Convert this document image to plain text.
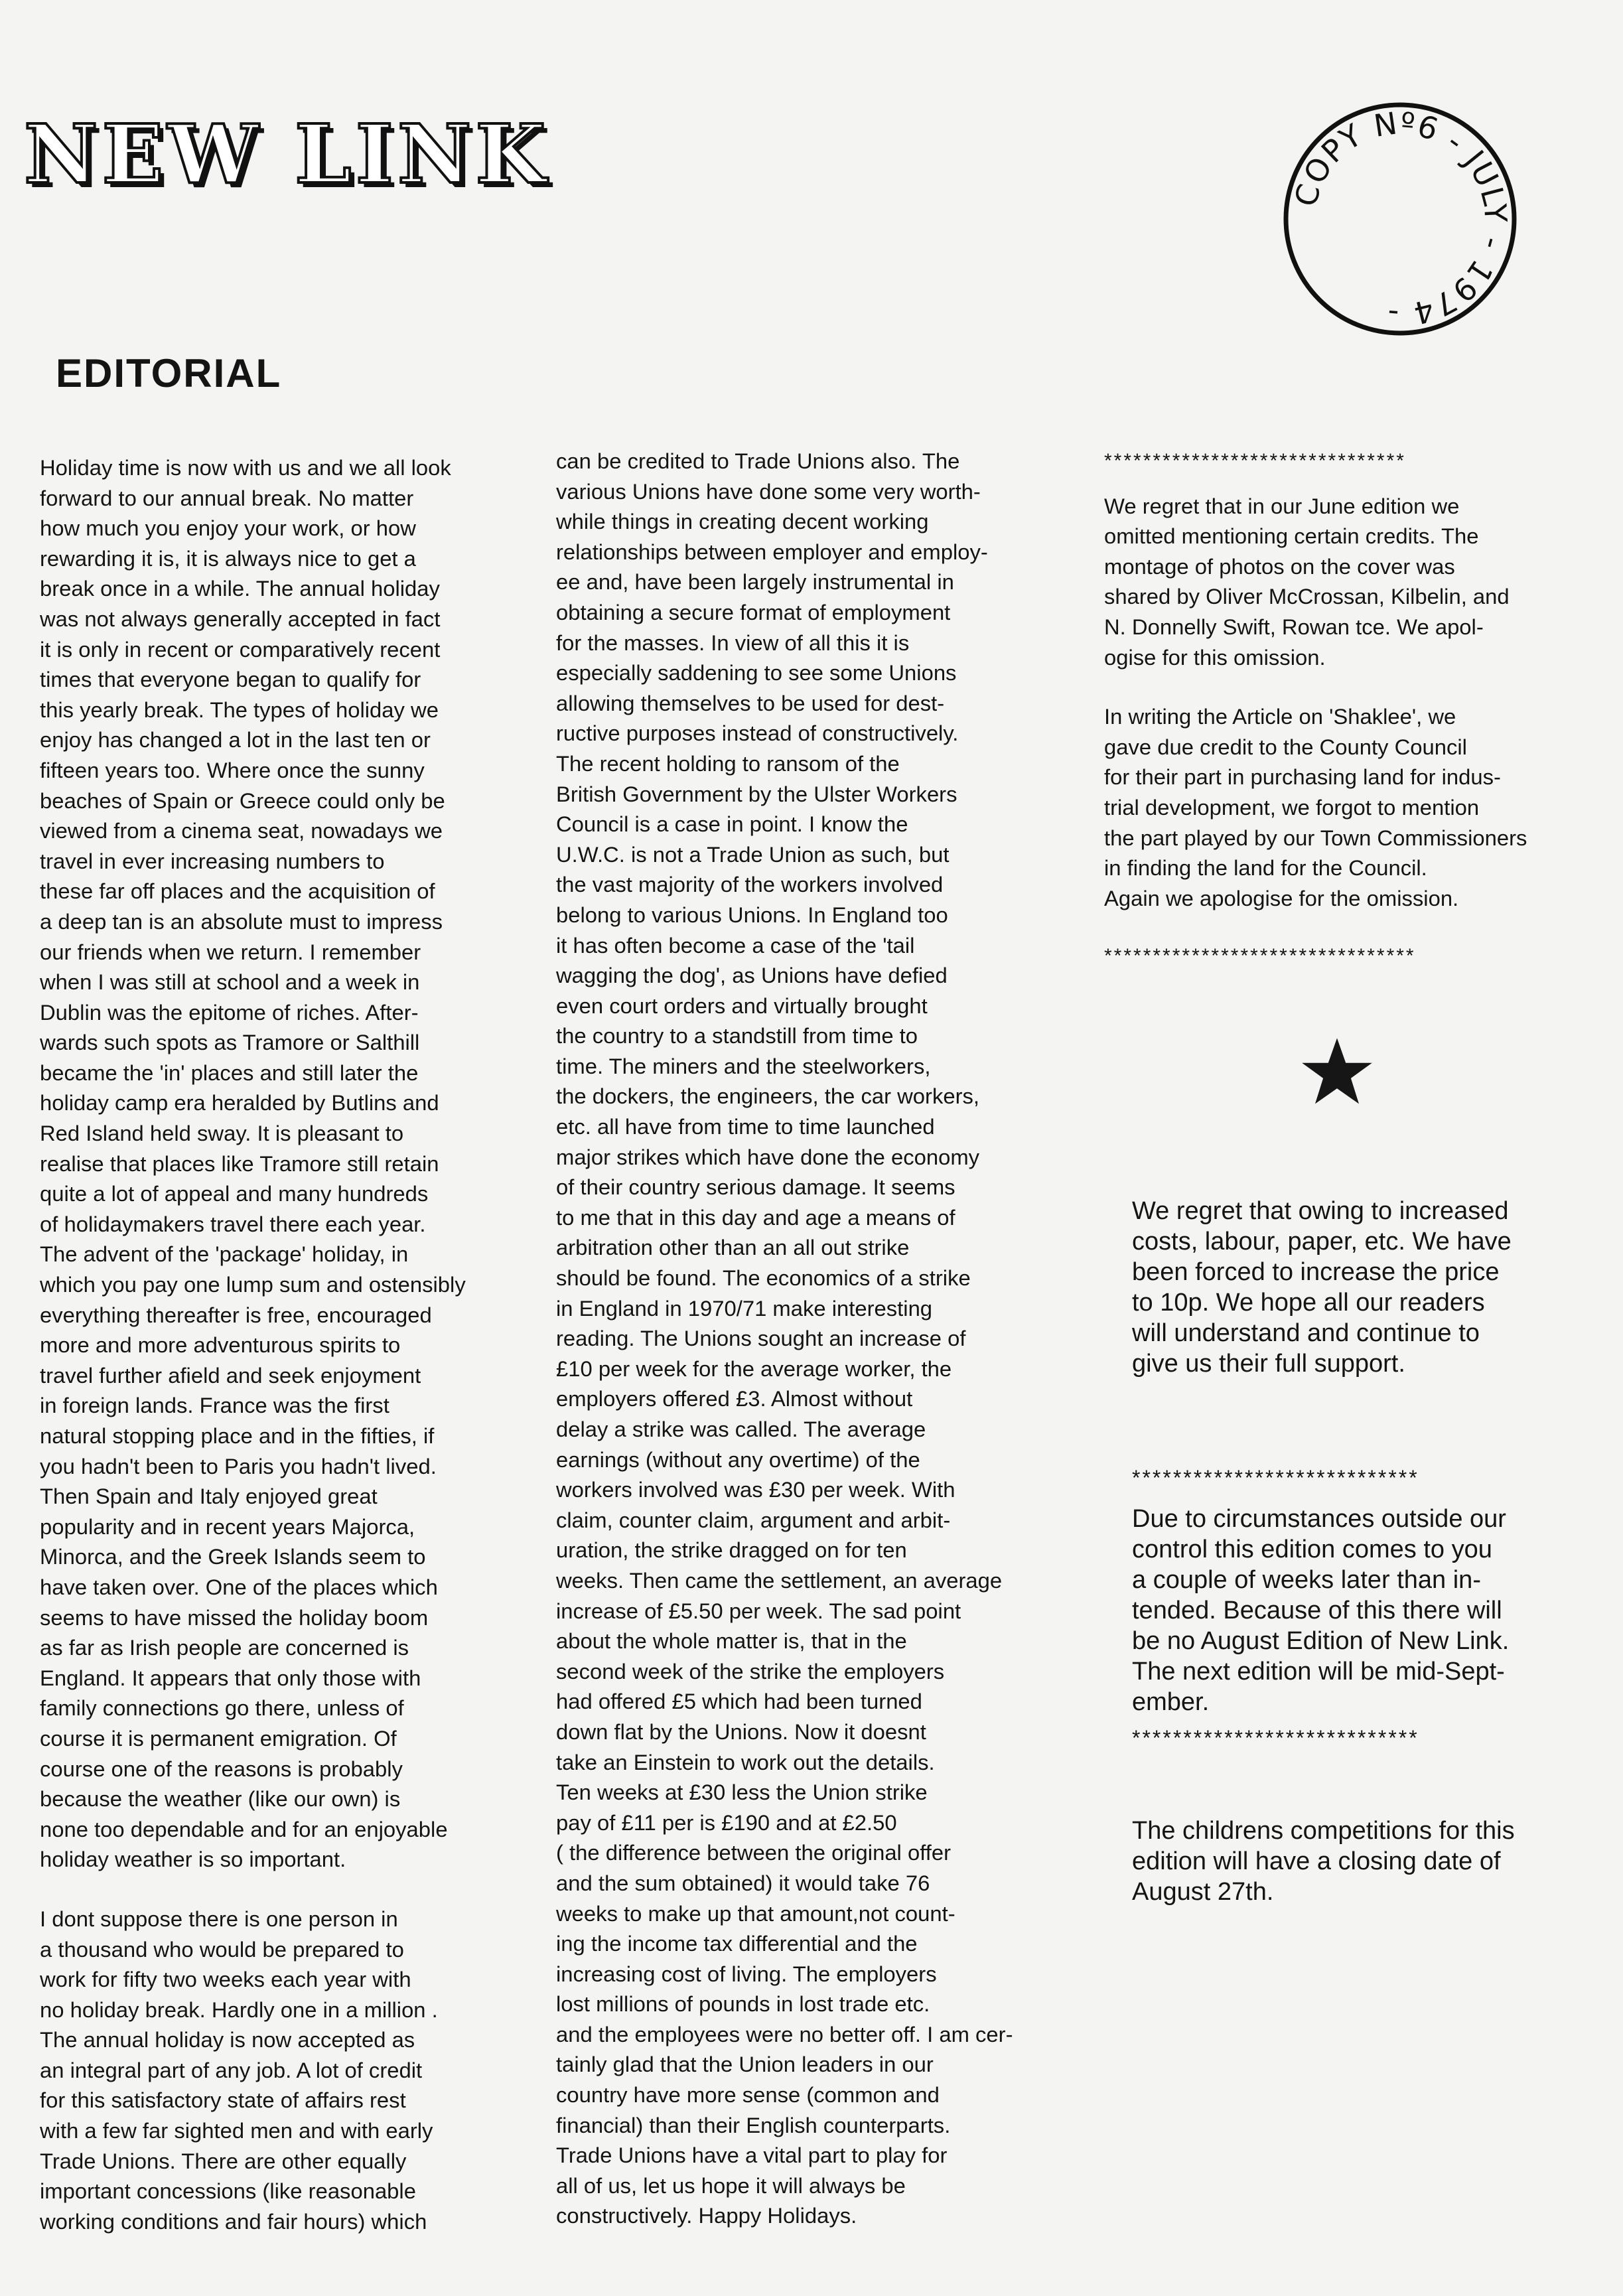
NEW LINK	COPY Nº6 - JULY - 1974 -
EDITORIAL
Holiday time is now with us and we all look
forward to our annual break. No matter
how much you enjoy your work, or how
rewarding it is, it is always nice to get a
break once in a while. The annual holiday
was not always generally accepted in fact
it is only in recent or comparatively recent
times that everyone began to qualify for
this yearly break. The types of holiday we
enjoy has changed a lot in the last ten or
fifteen years too. Where once the sunny
beaches of Spain or Greece could only be
viewed from a cinema seat, nowadays we
travel in ever increasing numbers to
these far off places and the acquisition of
a deep tan is an absolute must to impress
our friends when we return. I remember
when I was still at school and a week in
Dublin was the epitome of riches. After-
wards such spots as Tramore or Salthill
became the 'in' places and still later the
holiday camp era heralded by Butlins and
Red Island held sway. It is pleasant to
realise that places like Tramore still retain
quite a lot of appeal and many hundreds
of holidaymakers travel there each year.
The advent of the 'package' holiday, in
which you pay one lump sum and ostensibly
everything thereafter is free, encouraged
more and more adventurous spirits to
travel further afield and seek enjoyment
in foreign lands. France was the first
natural stopping place and in the fifties, if
you hadn't been to Paris you hadn't lived.
Then Spain and Italy enjoyed great
popularity and in recent years Majorca,
Minorca, and the Greek Islands seem to
have taken over. One of the places which
seems to have missed the holiday boom
as far as Irish people are concerned is
England. It appears that only those with
family connections go there, unless of
course it is permanent emigration. Of
course one of the reasons is probably
because the weather (like our own) is
none too dependable and for an enjoyable
holiday weather is so important.
I dont suppose there is one person in
a thousand who would be prepared to
work for fifty two weeks each year with
no holiday break. Hardly one in a million .
The annual holiday is now accepted as
an integral part of any job. A lot of credit
for this satisfactory state of affairs rest
with a few far sighted men and with early
Trade Unions. There are other equally
important concessions (like reasonable
working conditions and fair hours) which
can be credited to Trade Unions also. The
various Unions have done some very worth-
while things in creating decent working
relationships between employer and employ-
ee and, have been largely instrumental in
obtaining a secure format of employment
for the masses. In view of all this it is
especially saddening to see some Unions
allowing themselves to be used for dest-
ructive purposes instead of constructively.
The recent holding to ransom of the
British Government by the Ulster Workers
Council is a case in point. I know the
U.W.C. is not a Trade Union as such, but
the vast majority of the workers involved
belong to various Unions. In England too
it has often become a case of the 'tail
wagging the dog', as Unions have defied
even court orders and virtually brought
the country to a standstill from time to
time. The miners and the steelworkers,
the dockers, the engineers, the car workers,
etc. all have from time to time launched
major strikes which have done the economy
of their country serious damage. It seems
to me that in this day and age a means of
arbitration other than an all out strike
should be found. The economics of a strike
in England in 1970/71 make interesting
reading. The Unions sought an increase of
£10 per week for the average worker, the
employers offered £3. Almost without
delay a strike was called. The average
earnings (without any overtime) of the
workers involved was £30 per week. With
claim, counter claim, argument and arbit-
uration, the strike dragged on for ten
weeks. Then came the settlement, an average
increase of £5.50 per week. The sad point
about the whole matter is, that in the
second week of the strike the employers
had offered £5 which had been turned
down flat by the Unions. Now it doesnt
take an Einstein to work out the details.
Ten weeks at £30 less the Union strike
pay of £11 per is £190 and at £2.50
( the difference between the original offer
and the sum obtained) it would take 76
weeks to make up that amount,not count-
ing the income tax differential and the
increasing cost of living. The employers
lost millions of pounds in lost trade etc.
and the employees were no better off. I am cer-
tainly glad that the Union leaders in our
country have more sense (common and
financial) than their English counterparts.
Trade Unions have a vital part to play for
all of us, let us hope it will always be
constructively. Happy Holidays.
*******************************
We regret that in our June edition we
omitted mentioning certain credits. The
montage of photos on the cover was
shared by Oliver McCrossan, Kilbelin, and
N. Donnelly Swift, Rowan tce. We apol-
ogise for this omission.
In writing the Article on 'Shaklee', we
gave due credit to the County Council
for their part in purchasing land for indus-
trial development, we forgot to mention
the part played by our Town Commissioners
in finding the land for the Council.
Again we apologise for the omission.
********************************
We regret that owing to increased
costs, labour, paper, etc. We have
been forced to increase the price
to 10p. We hope all our readers
will understand and continue to
give us their full support.
****************************
Due to circumstances outside our
control this edition comes to you
a couple of weeks later than in-
tended. Because of this there will
be no August Edition of New Link.
The next edition will be mid-Sept-
ember.
****************************
The childrens competitions for this
edition will have a closing date of
August 27th.
